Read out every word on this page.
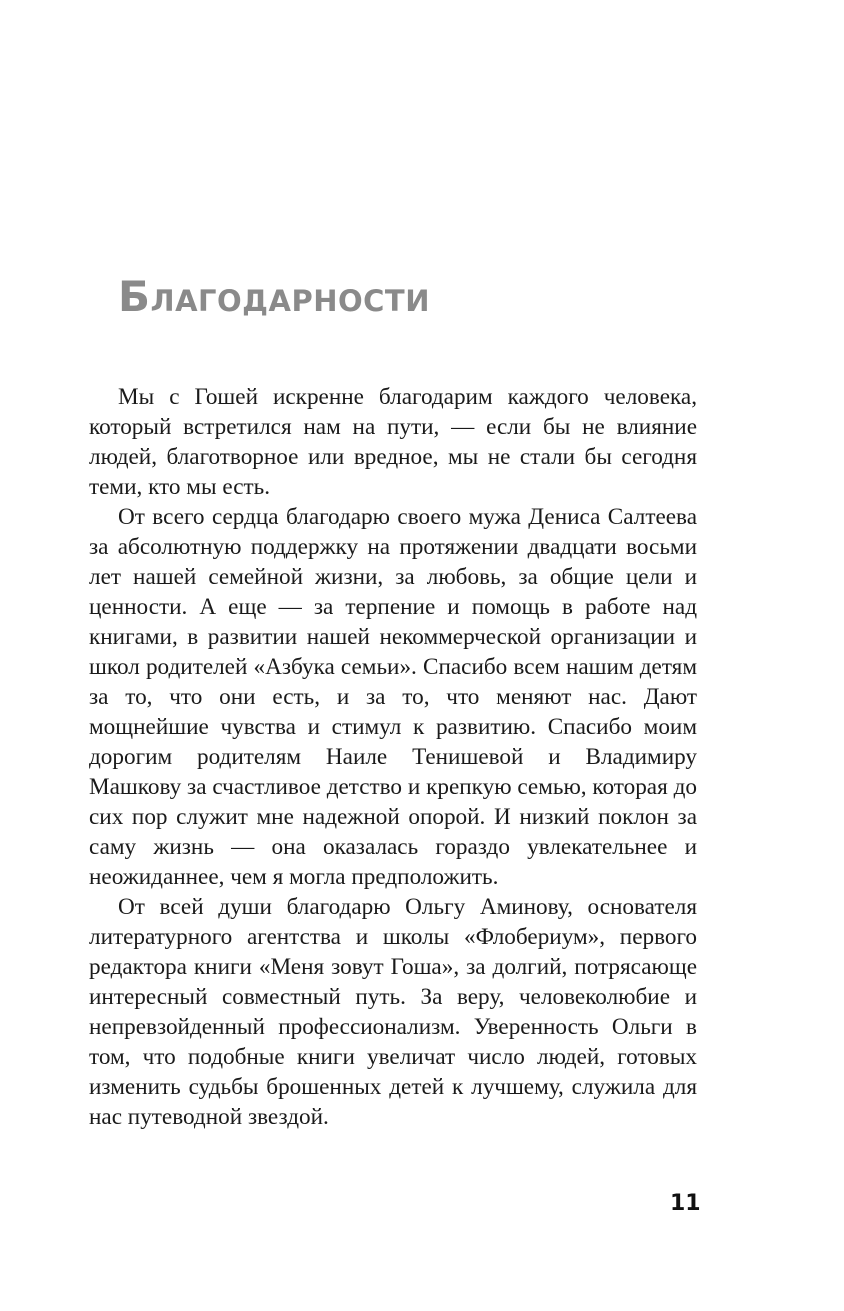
Благодарности

Мы с Гошей искренне благодарим каждого человека, который встретился нам на пути, — если бы не влияние людей, благотворное или вредное, мы не стали бы сегодня теми, кто мы есть.

От всего сердца благодарю своего мужа Дениса Салтеева за абсолютную поддержку на протяжении двадцати восьми лет нашей семейной жизни, за любовь, за общие цели и ценности. А еще — за терпение и помощь в работе над книгами, в развитии нашей некоммерческой организации и школ родителей «Азбука семьи». Спасибо всем нашим детям за то, что они есть, и за то, что меняют нас. Дают мощнейшие чувства и стимул к развитию. Спасибо моим дорогим родителям Наиле Тенишевой и Владимиру Машкову за счастливое детство и крепкую семью, которая до сих пор служит мне надежной опорой. И низкий поклон за саму жизнь — она оказалась гораздо увлекательнее и неожиданнее, чем я могла предположить.

От всей души благодарю Ольгу Аминову, основателя литературного агентства и школы «Флобериум», первого редактора книги «Меня зовут Гоша», за долгий, потрясающе интересный совместный путь. За веру, человеколюбие и непревзойденный профессионализм. Уверенность Ольги в том, что подобные книги увеличат число людей, готовых изменить судьбы брошенных детей к лучшему, служила для нас путеводной звездой.

11
